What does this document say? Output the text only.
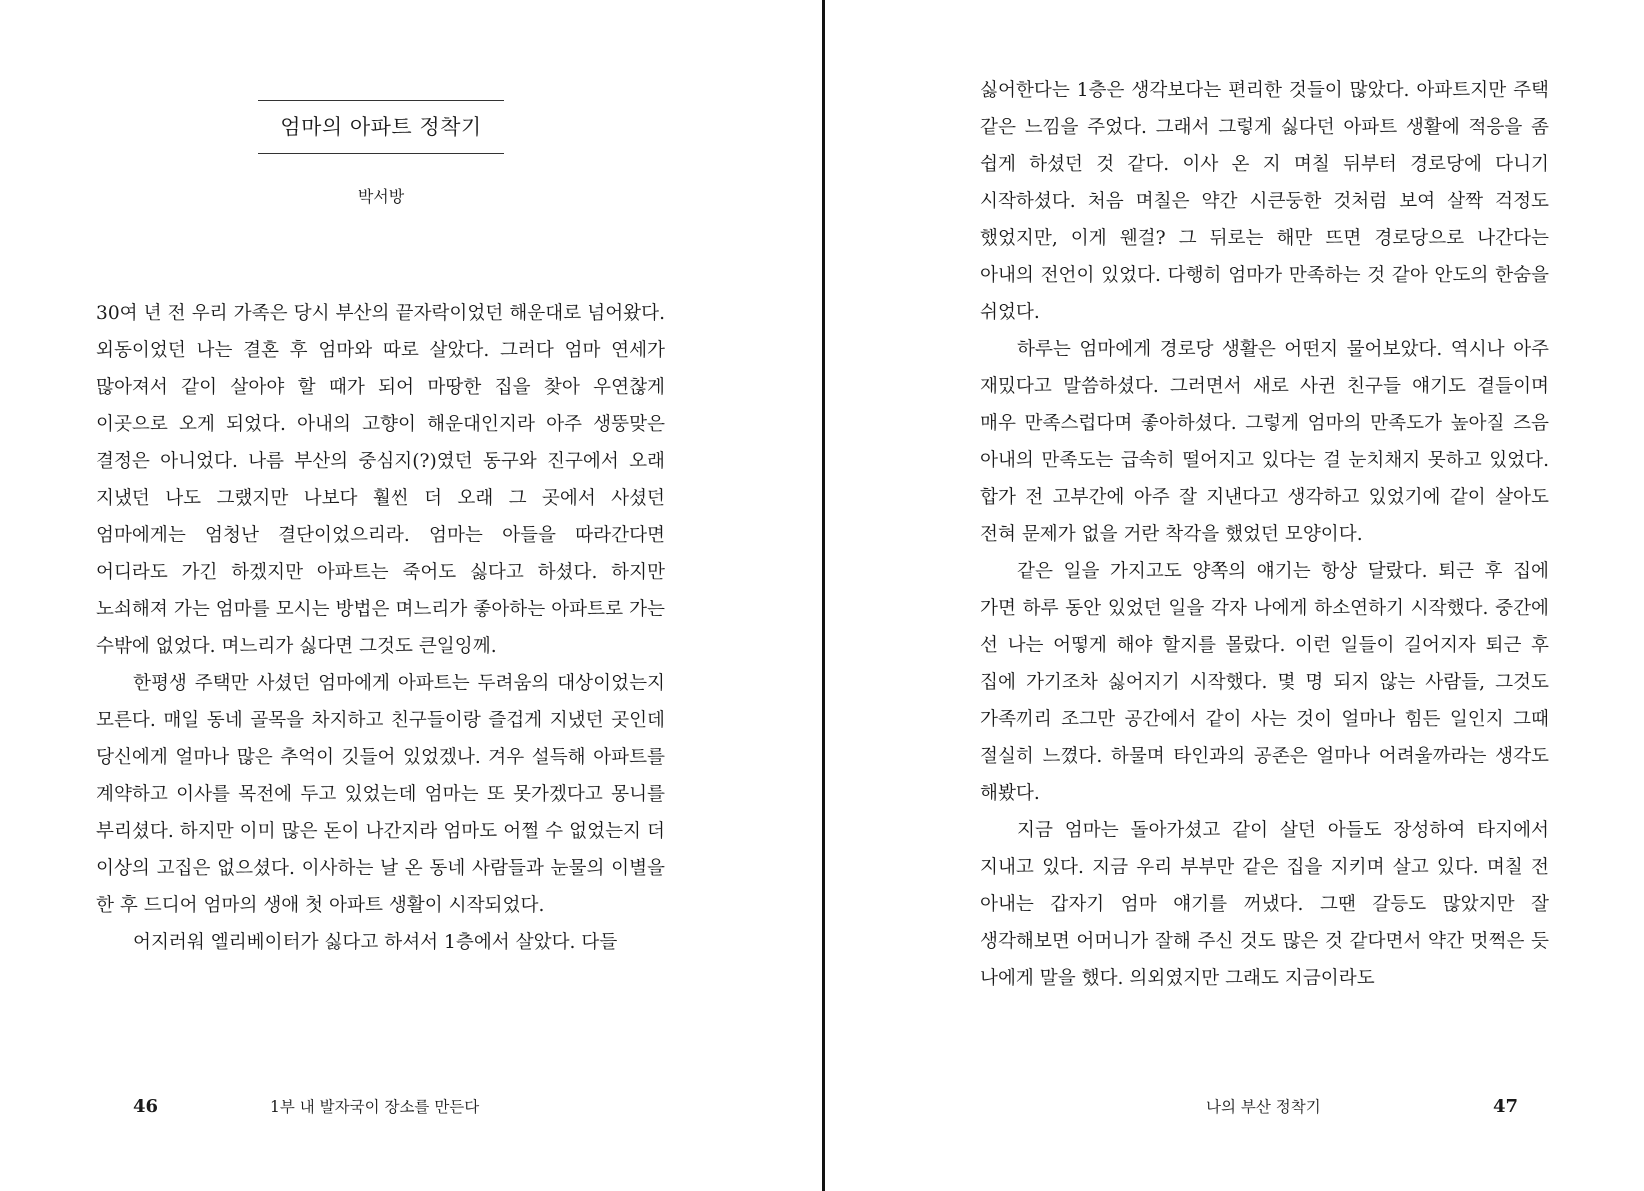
엄마의 아파트 정착기
박서방

30여 년 전 우리 가족은 당시 부산의 끝자락이었던 해운대로 넘어왔다. 외동이었던 나는 결혼 후 엄마와 따로 살았다. 그러다 엄마 연세가 많아져서 같이 살아야 할 때가 되어 마땅한 집을 찾아 우연찮게 이곳으로 오게 되었다. 아내의 고향이 해운대인지라 아주 생뚱맞은 결정은 아니었다. 나름 부산의 중심지(?)였던 동구와 진구에서 오래 지냈던 나도 그랬지만 나보다 훨씬 더 오래 그 곳에서 사셨던 엄마에게는 엄청난 결단이었으리라. 엄마는 아들을 따라간다면 어디라도 가긴 하겠지만 아파트는 죽어도 싫다고 하셨다. 하지만 노쇠해져 가는 엄마를 모시는 방법은 며느리가 좋아하는 아파트로 가는 수밖에 없었다. 며느리가 싫다면 그것도 큰일잉께.

한평생 주택만 사셨던 엄마에게 아파트는 두려움의 대상이었는지 모른다. 매일 동네 골목을 차지하고 친구들이랑 즐겁게 지냈던 곳인데 당신에게 얼마나 많은 추억이 깃들어 있었겠나. 겨우 설득해 아파트를 계약하고 이사를 목전에 두고 있었는데 엄마는 또 못가겠다고 몽니를 부리셨다. 하지만 이미 많은 돈이 나간지라 엄마도 어쩔 수 없었는지 더 이상의 고집은 없으셨다. 이사하는 날 온 동네 사람들과 눈물의 이별을 한 후 드디어 엄마의 생애 첫 아파트 생활이 시작되었다.

어지러워 엘리베이터가 싫다고 하셔서 1층에서 살았다. 다들

46	1부 내 발자국이 장소를 만든다

싫어한다는 1층은 생각보다는 편리한 것들이 많았다. 아파트지만 주택 같은 느낌을 주었다. 그래서 그렇게 싫다던 아파트 생활에 적응을 좀 쉽게 하셨던 것 같다. 이사 온 지 며칠 뒤부터 경로당에 다니기 시작하셨다. 처음 며칠은 약간 시큰둥한 것처럼 보여 살짝 걱정도 했었지만, 이게 웬걸? 그 뒤로는 해만 뜨면 경로당으로 나간다는 아내의 전언이 있었다. 다행히 엄마가 만족하는 것 같아 안도의 한숨을 쉬었다.

하루는 엄마에게 경로당 생활은 어떤지 물어보았다. 역시나 아주 재밌다고 말씀하셨다. 그러면서 새로 사귄 친구들 얘기도 곁들이며 매우 만족스럽다며 좋아하셨다. 그렇게 엄마의 만족도가 높아질 즈음 아내의 만족도는 급속히 떨어지고 있다는 걸 눈치채지 못하고 있었다. 합가 전 고부간에 아주 잘 지낸다고 생각하고 있었기에 같이 살아도 전혀 문제가 없을 거란 착각을 했었던 모양이다.

같은 일을 가지고도 양쪽의 얘기는 항상 달랐다. 퇴근 후 집에 가면 하루 동안 있었던 일을 각자 나에게 하소연하기 시작했다. 중간에 선 나는 어떻게 해야 할지를 몰랐다. 이런 일들이 길어지자 퇴근 후 집에 가기조차 싫어지기 시작했다. 몇 명 되지 않는 사람들, 그것도 가족끼리 조그만 공간에서 같이 사는 것이 얼마나 힘든 일인지 그때 절실히 느꼈다. 하물며 타인과의 공존은 얼마나 어려울까라는 생각도 해봤다.

지금 엄마는 돌아가셨고 같이 살던 아들도 장성하여 타지에서 지내고 있다. 지금 우리 부부만 같은 집을 지키며 살고 있다. 며칠 전 아내는 갑자기 엄마 얘기를 꺼냈다. 그땐 갈등도 많았지만 잘 생각해보면 어머니가 잘해 주신 것도 많은 것 같다면서 약간 멋쩍은 듯 나에게 말을 했다. 의외였지만 그래도 지금이라도

나의 부산 정착기	47
